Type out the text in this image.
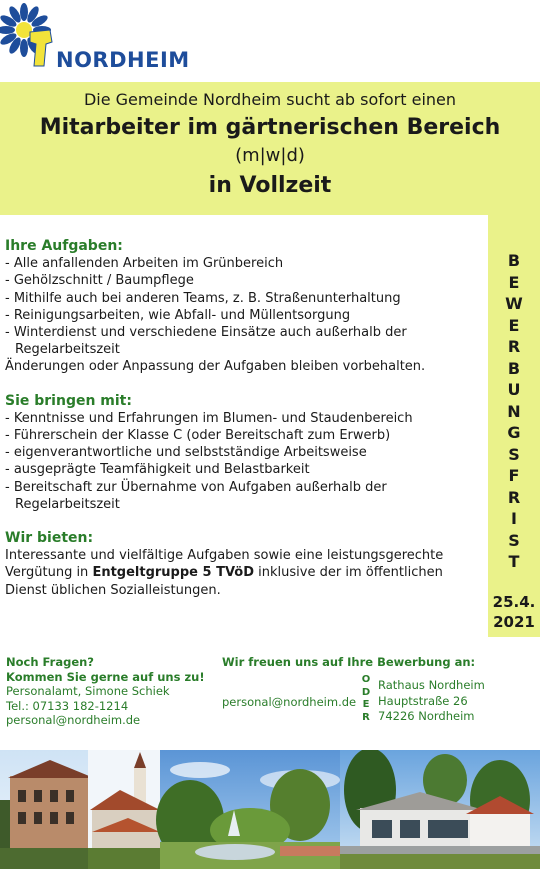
NORDHEIM
Die Gemeinde Nordheim sucht ab sofort einen
Mitarbeiter im gärtnerischen Bereich
(m|w|d)
in Vollzeit
B
E
W
E
R
B
U
N
G
S
F
R
I
S
T
25.4.
2021
Ihre Aufgaben:
- Alle anfallenden Arbeiten im Grünbereich
- Gehölzschnitt / Baumpflege
- Mithilfe auch bei anderen Teams, z. B. Straßenunterhaltung
- Reinigungsarbeiten, wie Abfall- und Müllentsorgung
- Winterdienst und verschiedene Einsätze auch außerhalb der
Regelarbeitszeit
Änderungen oder Anpassung der Aufgaben bleiben vorbehalten.
Sie bringen mit:
- Kenntnisse und Erfahrungen im Blumen- und Staudenbereich
- Führerschein der Klasse C (oder Bereitschaft zum Erwerb)
- eigenverantwortliche und selbstständige Arbeitsweise
- ausgeprägte Teamfähigkeit und Belastbarkeit
- Bereitschaft zur Übernahme von Aufgaben außerhalb der
Regelarbeitszeit
Wir bieten:
Interessante und vielfältige Aufgaben sowie eine leistungsgerechte Vergütung in Entgeltgruppe 5 TVöD inklusive der im öffentlichen Dienst üblichen Sozialleistungen.
Noch Fragen?
Kommen Sie gerne auf uns zu!
Personalamt, Simone Schiek
Tel.: 07133 182-1214
personal@nordheim.de
Wir freuen uns auf Ihre Bewerbung an:
personal@nordheim.de
O
D
E
R
Rathaus Nordheim
Hauptstraße 26
74226 Nordheim
